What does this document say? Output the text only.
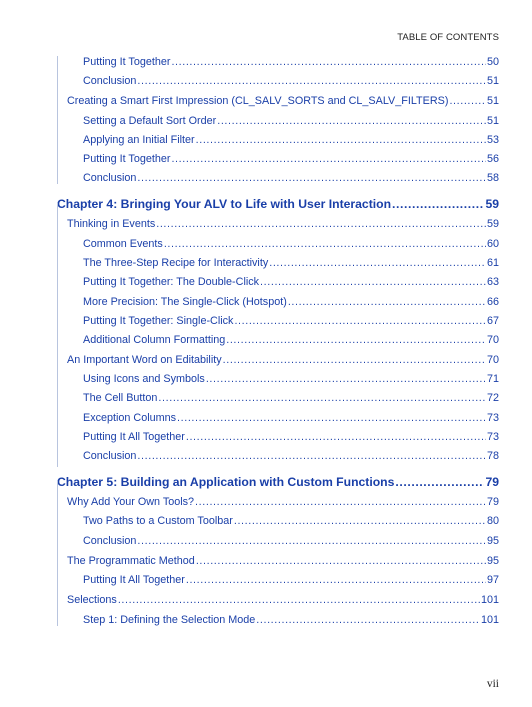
TABLE OF CONTENTS
Putting It Together .....	50
Conclusion .....	51
Creating a Smart First Impression (CL_SALV_SORTS and CL_SALV_FILTERS) .....	51
Setting a Default Sort Order .....	51
Applying an Initial Filter .....	53
Putting It Together .....	56
Conclusion .....	58
Chapter 4: Bringing Your ALV to Life with User Interaction .....	59
Thinking in Events .....	59
Common Events .....	60
The Three-Step Recipe for Interactivity .....	61
Putting It Together: The Double-Click .....	63
More Precision: The Single-Click (Hotspot) .....	66
Putting It Together: Single-Click .....	67
Additional Column Formatting .....	70
An Important Word on Editability .....	70
Using Icons and Symbols .....	71
The Cell Button .....	72
Exception Columns .....	73
Putting It All Together .....	73
Conclusion .....	78
Chapter 5: Building an Application with Custom Functions .....	79
Why Add Your Own Tools? .....	79
Two Paths to a Custom Toolbar .....	80
Conclusion .....	95
The Programmatic Method .....	95
Putting It All Together .....	97
Selections .....	101
Step 1: Defining the Selection Mode .....	101
vii
